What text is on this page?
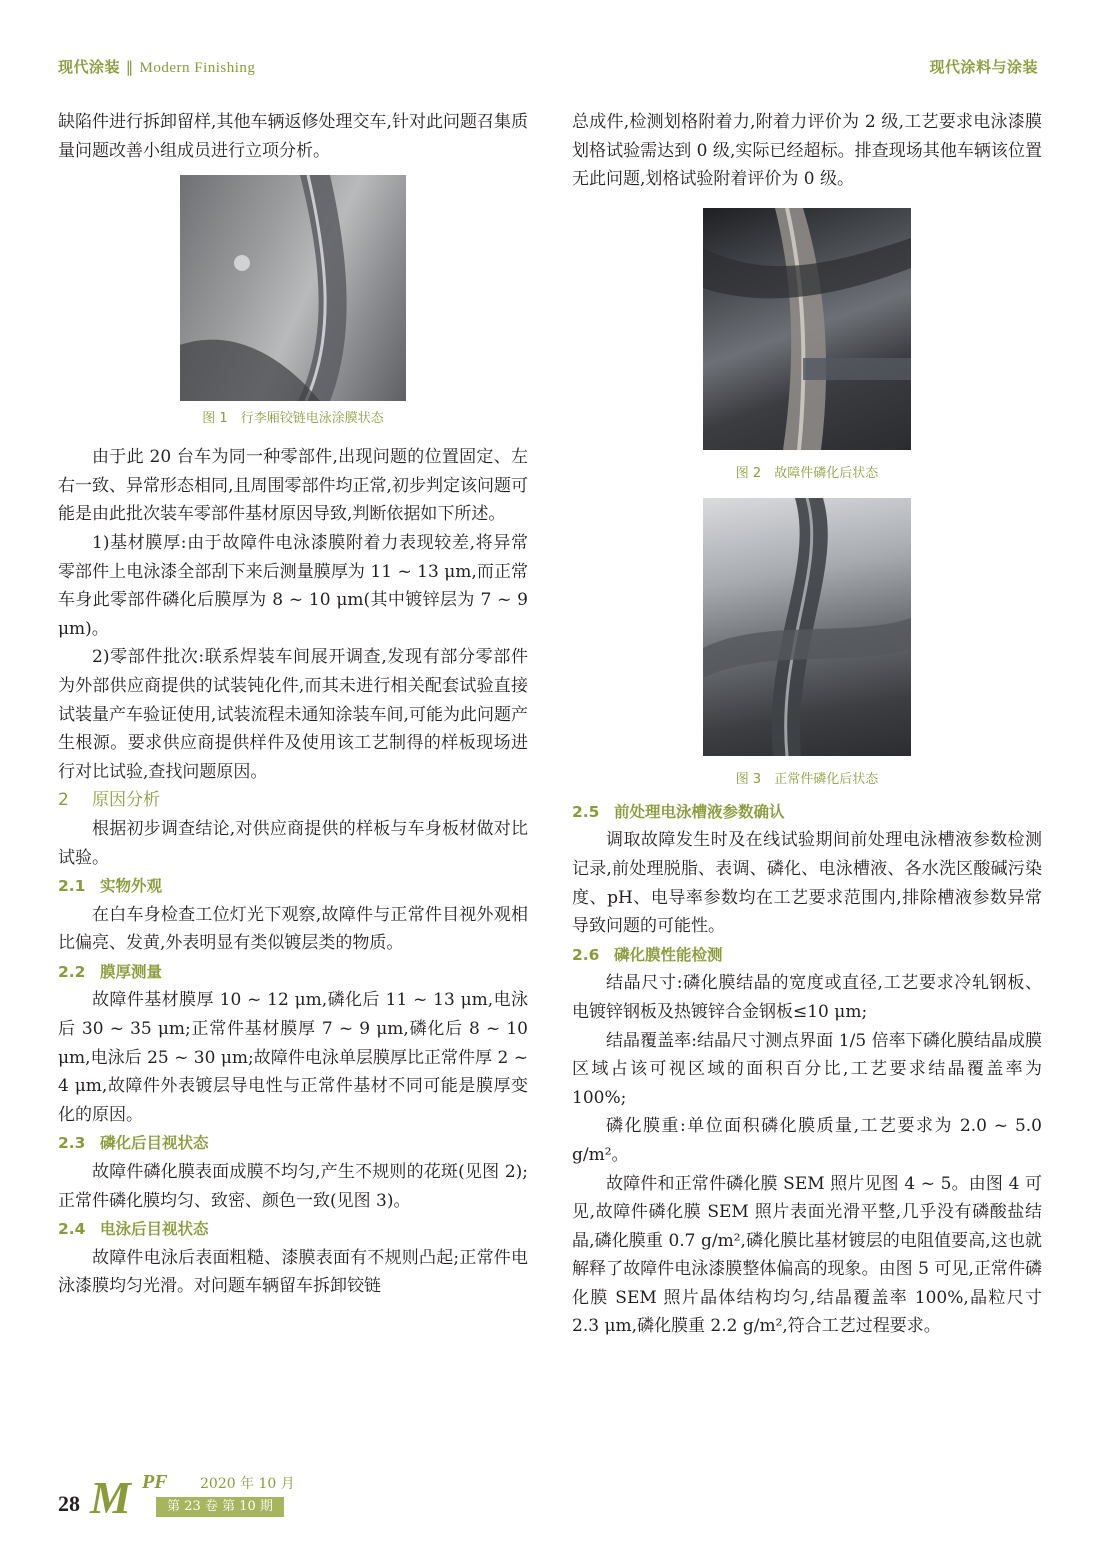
现代涂装 ‖ Modern Finishing	现代涂料与涂装

缺陷件进行拆卸留样,其他车辆返修处理交车,针对此问题召集质量问题改善小组成员进行立项分析。

图 1　行李厢铰链电泳涂膜状态

由于此 20 台车为同一种零部件,出现问题的位置固定、左右一致、异常形态相同,且周围零部件均正常,初步判定该问题可能是由此批次装车零部件基材原因导致,判断依据如下所述。

1)基材膜厚:由于故障件电泳漆膜附着力表现较差,将异常零部件上电泳漆全部刮下来后测量膜厚为 11 ~ 13 μm,而正常车身此零部件磷化后膜厚为 8 ~ 10 μm(其中镀锌层为 7 ~ 9 μm)。

2)零部件批次:联系焊装车间展开调查,发现有部分零部件为外部供应商提供的试装钝化件,而其未进行相关配套试验直接试装量产车验证使用,试装流程未通知涂装车间,可能为此问题产生根源。要求供应商提供样件及使用该工艺制得的样板现场进行对比试验,查找问题原因。

2 原因分析

根据初步调查结论,对供应商提供的样板与车身板材做对比试验。

2.1 实物外观

在白车身检查工位灯光下观察,故障件与正常件目视外观相比偏亮、发黄,外表明显有类似镀层类的物质。

2.2 膜厚测量

故障件基材膜厚 10 ~ 12 μm,磷化后 11 ~ 13 μm,电泳后 30 ~ 35 μm;正常件基材膜厚 7 ~ 9 μm,磷化后 8 ~ 10 μm,电泳后 25 ~ 30 μm;故障件电泳单层膜厚比正常件厚 2 ~ 4 μm,故障件外表镀层导电性与正常件基材不同可能是膜厚变化的原因。

2.3 磷化后目视状态

故障件磷化膜表面成膜不均匀,产生不规则的花斑(见图 2);正常件磷化膜均匀、致密、颜色一致(见图 3)。

2.4 电泳后目视状态

故障件电泳后表面粗糙、漆膜表面有不规则凸起;正常件电泳漆膜均匀光滑。对问题车辆留车拆卸铰链

总成件,检测划格附着力,附着力评价为 2 级,工艺要求电泳漆膜划格试验需达到 0 级,实际已经超标。排查现场其他车辆该位置无此问题,划格试验附着评价为 0 级。

图 2　故障件磷化后状态
图 3　正常件磷化后状态

2.5 前处理电泳槽液参数确认

调取故障发生时及在线试验期间前处理电泳槽液参数检测记录,前处理脱脂、表调、磷化、电泳槽液、各水洗区酸碱污染度、pH、电导率参数均在工艺要求范围内,排除槽液参数异常导致问题的可能性。

2.6 磷化膜性能检测

结晶尺寸:磷化膜结晶的宽度或直径,工艺要求冷轧钢板、电镀锌钢板及热镀锌合金钢板≤10 μm;

结晶覆盖率:结晶尺寸测点界面 1/5 倍率下磷化膜结晶成膜区域占该可视区域的面积百分比,工艺要求结晶覆盖率为 100%;

磷化膜重:单位面积磷化膜质量,工艺要求为 2.0 ~ 5.0 g/m²。

故障件和正常件磷化膜 SEM 照片见图 4 ~ 5。由图 4 可见,故障件磷化膜 SEM 照片表面光滑平整,几乎没有磷酸盐结晶,磷化膜重 0.7 g/m²,磷化膜比基材镀层的电阻值要高,这也就解释了故障件电泳漆膜整体偏高的现象。由图 5 可见,正常件磷化膜 SEM 照片晶体结构均匀,结晶覆盖率 100%,晶粒尺寸 2.3 μm,磷化膜重 2.2 g/m²,符合工艺过程要求。

28 M PF 2020 年 10 月
第 23 卷 第 10 期
